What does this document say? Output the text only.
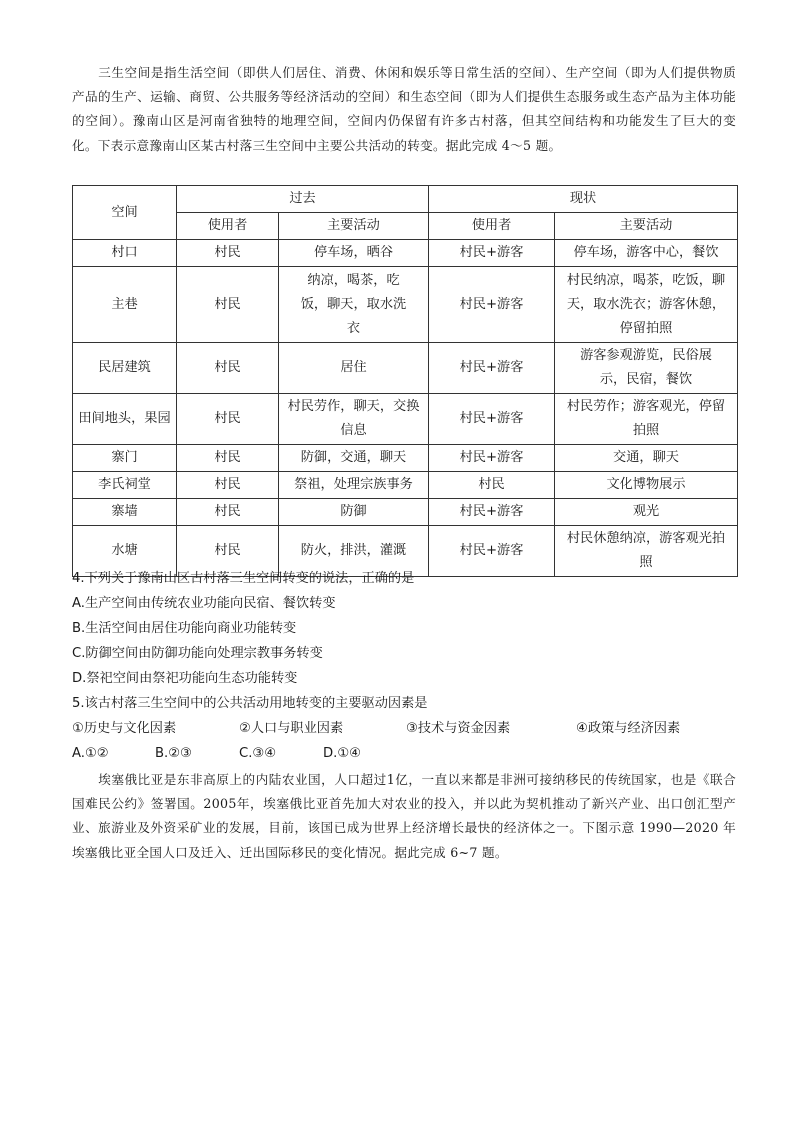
三生空间是指生活空间（即供人们居住、消费、休闲和娱乐等日常生活的空间）、生产空间（即为人们提供物质产品的生产、运输、商贸、公共服务等经济活动的空间）和生态空间（即为人们提供生态服务或生态产品为主体功能的空间）。豫南山区是河南省独特的地理空间，空间内仍保留有许多古村落，但其空间结构和功能发生了巨大的变化。下表示意豫南山区某古村落三生空间中主要公共活动的转变。据此完成 4～5 题。
空间	过去		现状	
	使用者	主要活动	使用者	主要活动
村口	村民	停车场，晒谷	村民+游客	停车场，游客中心，餐饮
主巷	村民	纳凉，喝茶，吃饭，聊天，取水洗衣	村民+游客	村民纳凉，喝茶，吃饭，聊天，取水洗衣；游客休憩，停留拍照
民居建筑	村民	居住	村民+游客	游客参观游览，民俗展示，民宿，餐饮
田间地头，果园	村民	村民劳作，聊天，交换信息	村民+游客	村民劳作；游客观光，停留拍照
寨门	村民	防御，交通，聊天	村民+游客	交通，聊天
李氏祠堂	村民	祭祖，处理宗族事务	村民	文化博物展示
寨墙	村民	防御	村民+游客	观光
水塘	村民	防火，排洪，灌溉	村民+游客	村民休憩纳凉，游客观光拍照
4.下列关于豫南山区古村落三生空间转变的说法，正确的是
A.生产空间由传统农业功能向民宿、餐饮转变
B.生活空间由居住功能向商业功能转变
C.防御空间由防御功能向处理宗教事务转变
D.祭祀空间由祭祀功能向生态功能转变
5.该古村落三生空间中的公共活动用地转变的主要驱动因素是
①历史与文化因素	②人口与职业因素	③技术与资金因素	④政策与经济因素
A.①②	B.②③	C.③④	D.①④
埃塞俄比亚是东非高原上的内陆农业国，人口超过1亿，一直以来都是非洲可接纳移民的传统国家，也是《联合国难民公约》签署国。2005年，埃塞俄比亚首先加大对农业的投入，并以此为契机推动了新兴产业、出口创汇型产业、旅游业及外资采矿业的发展，目前，该国已成为世界上经济增长最快的经济体之一。下图示意 1990—2020 年埃塞俄比亚全国人口及迁入、迁出国际移民的变化情况。据此完成 6~7 题。
